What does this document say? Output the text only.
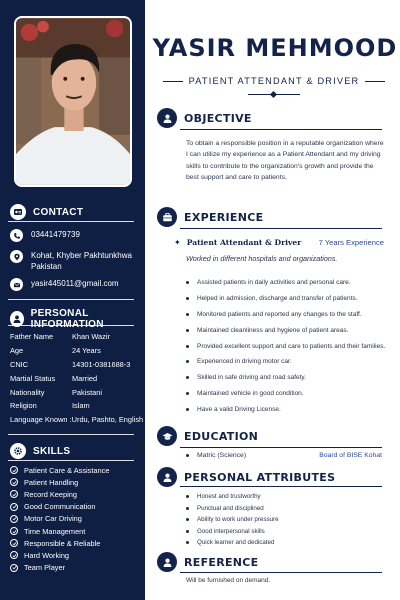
CONTACT
03441479739
Kohat, Khyber Pakhtunkhwa Pakistan
yasir445011@gmail.com
PERSONAL
Father Name	Khan Wazir
Age	24 Years
CNIC	14301-0381688-3
Martial Status	Married
Nationality	Pakistani
Religion	Islam
Language Known : Urdu, Pashto, English
SKILLS
Patient Care & Assistance
Patient Handling
Record Keeping
Good Communication
Motor Car Driving
Time Management
Responsible & Reliable
Hard Working
Team Player
YASIR MEHMOOD
PATIENT ATTENDANT & DRIVER
OBJECTIVE

To obtain a responsible position in a reputable organization where I can utilize my experience as a Patient Attendant and my driving skills to contribute to the organization's growth and provide the best support and care to patients.

EXPERIENCE
✦ Patient Attendant & Driver 7 Years Experience
Worked in different hospitals and organizations.
Assisted patients in daily activities and personal care.
Helped in admission, discharge and transfer of patients.
Monitored patients and reported any changes to the staff.
Maintained cleanliness and hygiene of patient areas.
Provided excellent support and care to patients and their families.
Experienced in driving motor car.
Skilled in safe driving and road safety.
Maintained vehicle in good condition.
Have a valid Driving License.
EDUCATION
Matric (Science)	Board of BISE Kohat
PERSONAL ATTRIBUTES
Honest and trustworthy
Punctual and disciplined
Ability to work under pressure
Good interpersonal skills
Quick learner and dedicated
REFERENCE
Will be furnished on demand.
